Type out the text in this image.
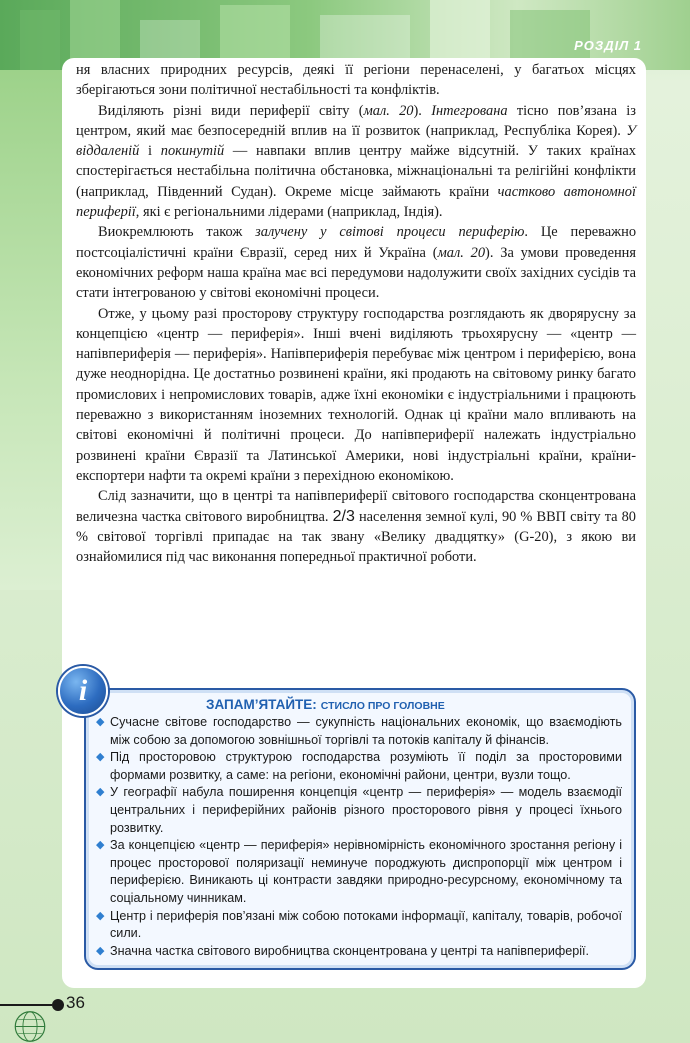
РОЗДІЛ 1

ня власних природних ресурсів, деякі її регіони перенаселені, у багатьох місцях зберігаються зони політичної нестабільності та конфліктів.

Виділяють різні види периферії світу (мал. 20). Інтегрована тісно пов’язана із центром, який має безпосередній вплив на її розвиток (наприклад, Республіка Корея). У віддаленій і покинутій — навпаки вплив центру майже відсутній. У таких країнах спостерігається нестабільна політична обстановка, міжнаціональні та релігійні конфлікти (наприклад, Південний Судан). Окреме місце займають країни частково автономної периферії, які є регіональними лідерами (наприклад, Індія).

Виокремлюють також залучену у світові процеси периферію. Це переважно постсоціалістичні країни Євразії, серед них й Україна (мал. 20). За умови проведення економічних реформ наша країна має всі передумови надолужити своїх західних сусідів та стати інтегрованою у світові економічні процеси.

Отже, у цьому разі просторову структуру господарства розглядають як дворярусну за концепцією «центр — периферія». Інші вчені виділяють трьохярусну — «центр — напівпериферія — периферія». Напівпериферія перебуває між центром і периферією, вона дуже неоднорідна. Це достатньо розвинені країни, які продають на світовому ринку багато промислових і непромислових товарів, адже їхні економіки є індустріальними і працюють переважно з використанням іноземних технологій. Однак ці країни мало впливають на світові економічні й політичні процеси. До напівпериферії належать індустріально розвинені країни Євразії та Латинської Америки, нові індустріальні країни, країни-експортери нафти та окремі країни з перехідною економікою.

Слід зазначити, що в центрі та напівпериферії світового господарства сконцентрована величезна частка світового виробництва. 2/3 населення земної кулі, 90 % ВВП світу та 80 % світової торгівлі припадає на так звану «Велику двадцятку» (G-20), з якою ви ознайомилися під час виконання попередньої практичної роботи.

i	ЗАПАМ’ЯТАЙТЕ: СТИСЛО ПРО ГОЛОВНЕ
◆ Сучасне світове господарство — сукупність національних економік, що взаємодіють між собою за допомогою зовнішньої торгівлі та потоків капіталу й фінансів.
◆ Під просторовою структурою господарства розуміють її поділ за просторовими формами розвитку, а саме: на регіони, економічні райони, центри, вузли тощо.
◆ У географії набула поширення концепція «центр — периферія» — модель взаємодії центральних і периферійних районів різного просторового рівня у процесі їхнього розвитку.
◆ За концепцією «центр — периферія» нерівномірність економічного зростання регіону і процес просторової поляризації неминуче породжують диспропорції між центром і периферією. Виникають ці контрасти завдяки природно-ресурсному, економічному та соціальному чинникам.
◆ Центр і периферія пов’язані між собою потоками інформації, капіталу, товарів, робочої сили.
◆ Значна частка світового виробництва сконцентрована у центрі та напівпериферії.
36
